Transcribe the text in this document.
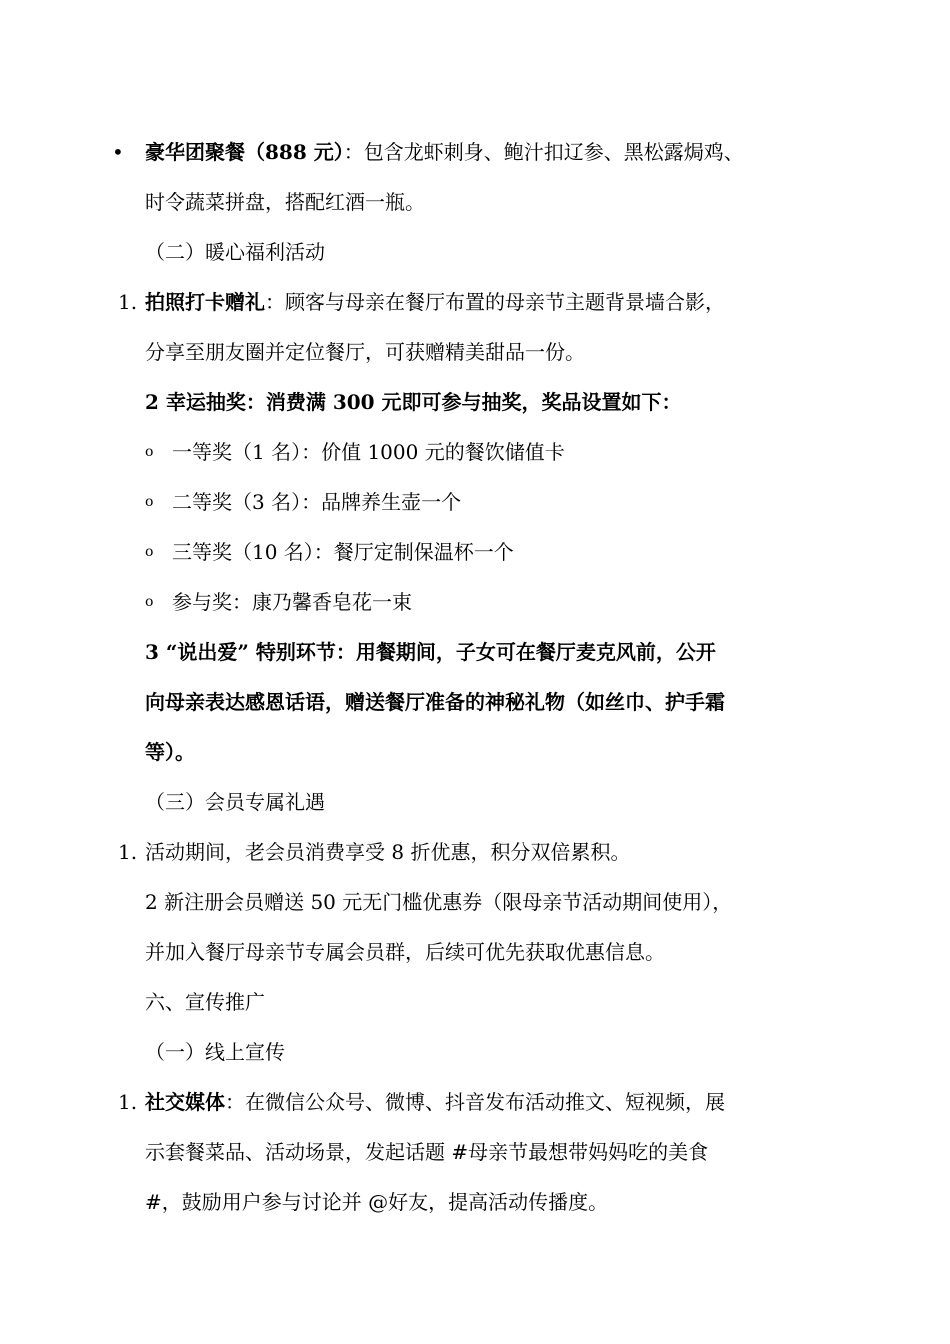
• 豪华团聚餐（888 元）：包含龙虾刺身、鲍汁扣辽参、黑松露焗鸡、
时令蔬菜拼盘，搭配红酒一瓶。
（二）暖心福利活动
1. 拍照打卡赠礼：顾客与母亲在餐厅布置的母亲节主题背景墙合影，
分享至朋友圈并定位餐厅，可获赠精美甜品一份。
2 幸运抽奖：消费满 300 元即可参与抽奖，奖品设置如下：
o 一等奖（1 名）：价值 1000 元的餐饮储值卡
o 二等奖（3 名）：品牌养生壶一个
o 三等奖（10 名）：餐厅定制保温杯一个
o 参与奖：康乃馨香皂花一束
3 “说出爱” 特别环节：用餐期间，子女可在餐厅麦克风前，公开
向母亲表达感恩话语，赠送餐厅准备的神秘礼物（如丝巾、护手霜
等）。
（三）会员专属礼遇
1. 活动期间，老会员消费享受 8 折优惠，积分双倍累积。
2 新注册会员赠送 50 元无门槛优惠券（限母亲节活动期间使用），
并加入餐厅母亲节专属会员群，后续可优先获取优惠信息。
六、宣传推广
（一）线上宣传
1. 社交媒体：在微信公众号、微博、抖音发布活动推文、短视频，展
示套餐菜品、活动场景，发起话题 #母亲节最想带妈妈吃的美食
#，鼓励用户参与讨论并 @好友，提高活动传播度。
